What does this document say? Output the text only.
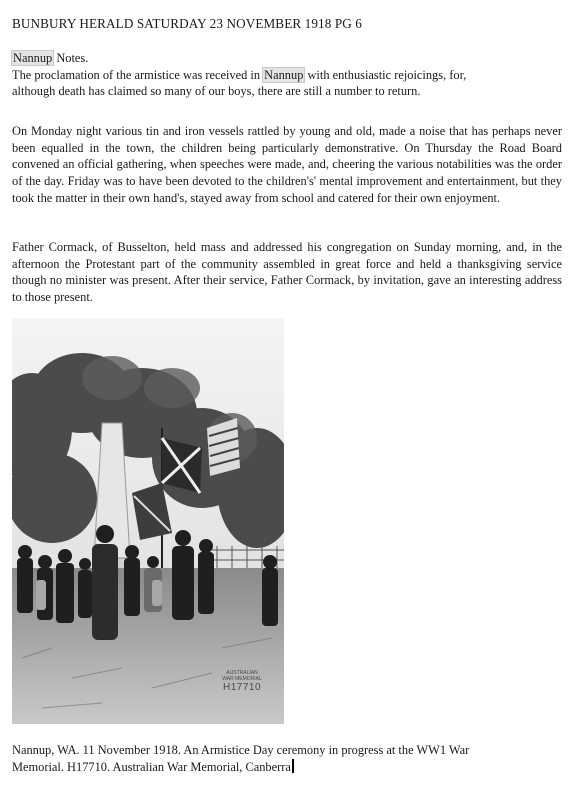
BUNBURY HERALD SATURDAY 23 NOVEMBER 1918 PG 6
Nannup Notes.
The proclamation of the armistice was received in Nannup with enthusiastic rejoicings, for,
although death has claimed so many of our boys, there are still a number to return.
On Monday night various tin and iron vessels rattled by young and old, made a noise that has perhaps never been equalled in the town, the children being particularly demonstrative. On Thursday the Road Board convened an official gathering, when speeches were made, and, cheering the various notabilities was the order of the day. Friday was to have been devoted to the children's' mental improvement and entertainment, but they took the matter in their own hand's, stayed away from school and catered for their own enjoyment.
Father Cormack, of Busselton, held mass and addressed his congregation on Sunday morning, and, in the afternoon the Protestant part of the community assembled in great force and held a thanksgiving service though no minister was present. After their service, Father Cormack, by invitation, gave an interesting address to those present.
AUSTRALIAN
WAR MEMORIAL
H17710
Nannup, WA. 11 November 1918. An Armistice Day ceremony in progress at the WW1 War
Memorial. H17710. Australian War Memorial, Canberra
